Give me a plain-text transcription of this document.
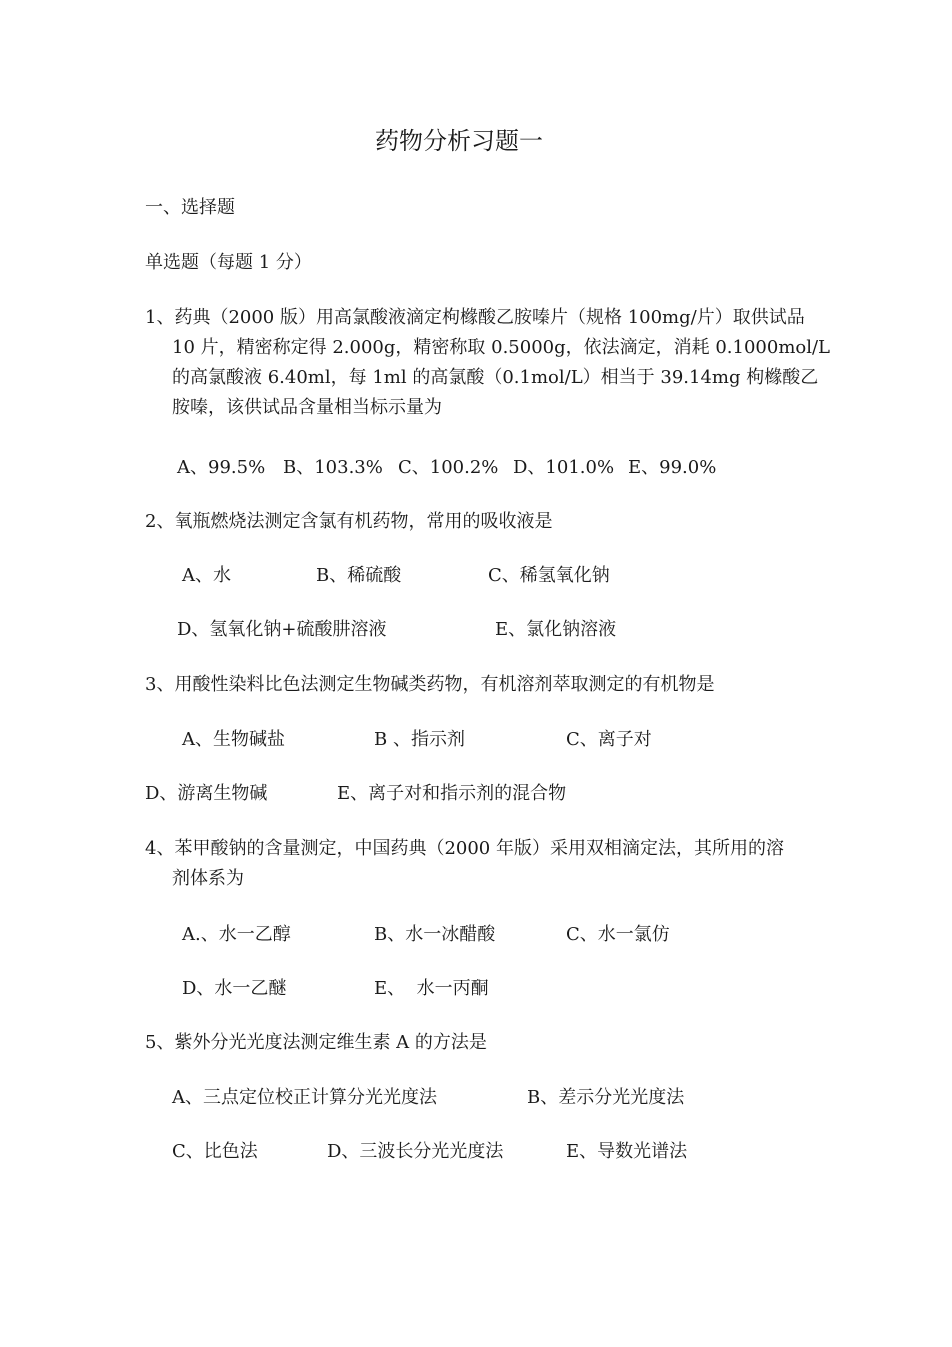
药物分析习题一
一、选择题
单选题（每题 1 分）
1、药典（2000 版）用高氯酸液滴定枸橼酸乙胺嗪片（规格 100mg/片）取供试品
10 片，精密称定得 2.000g，精密称取 0.5000g，依法滴定，消耗 0.1000mol/L
的高氯酸液 6.40ml，每 1ml 的高氯酸（0.1mol/L）相当于 39.14mg 枸橼酸乙
胺嗪，该供试品含量相当标示量为
A、99.5% B、103.3% C、100.2% D、101.0% E、99.0%
2、氧瓶燃烧法测定含氯有机药物，常用的吸收液是
A、水	B、稀硫酸	C、稀氢氧化钠
D、氢氧化钠+硫酸肼溶液	E、氯化钠溶液
3、用酸性染料比色法测定生物碱类药物，有机溶剂萃取测定的有机物是
A、生物碱盐	B 、指示剂	C、离子对
D、游离生物碱	E、离子对和指示剂的混合物
4、苯甲酸钠的含量测定，中国药典（2000 年版）采用双相滴定法，其所用的溶
剂体系为
A.、水一乙醇	B、水一冰醋酸	C、水一氯仿
D、水一乙醚	E、  水一丙酮
5、紫外分光光度法测定维生素 A 的方法是
A、三点定位校正计算分光光度法	B、差示分光光度法
C、比色法	D、三波长分光光度法	E、导数光谱法
